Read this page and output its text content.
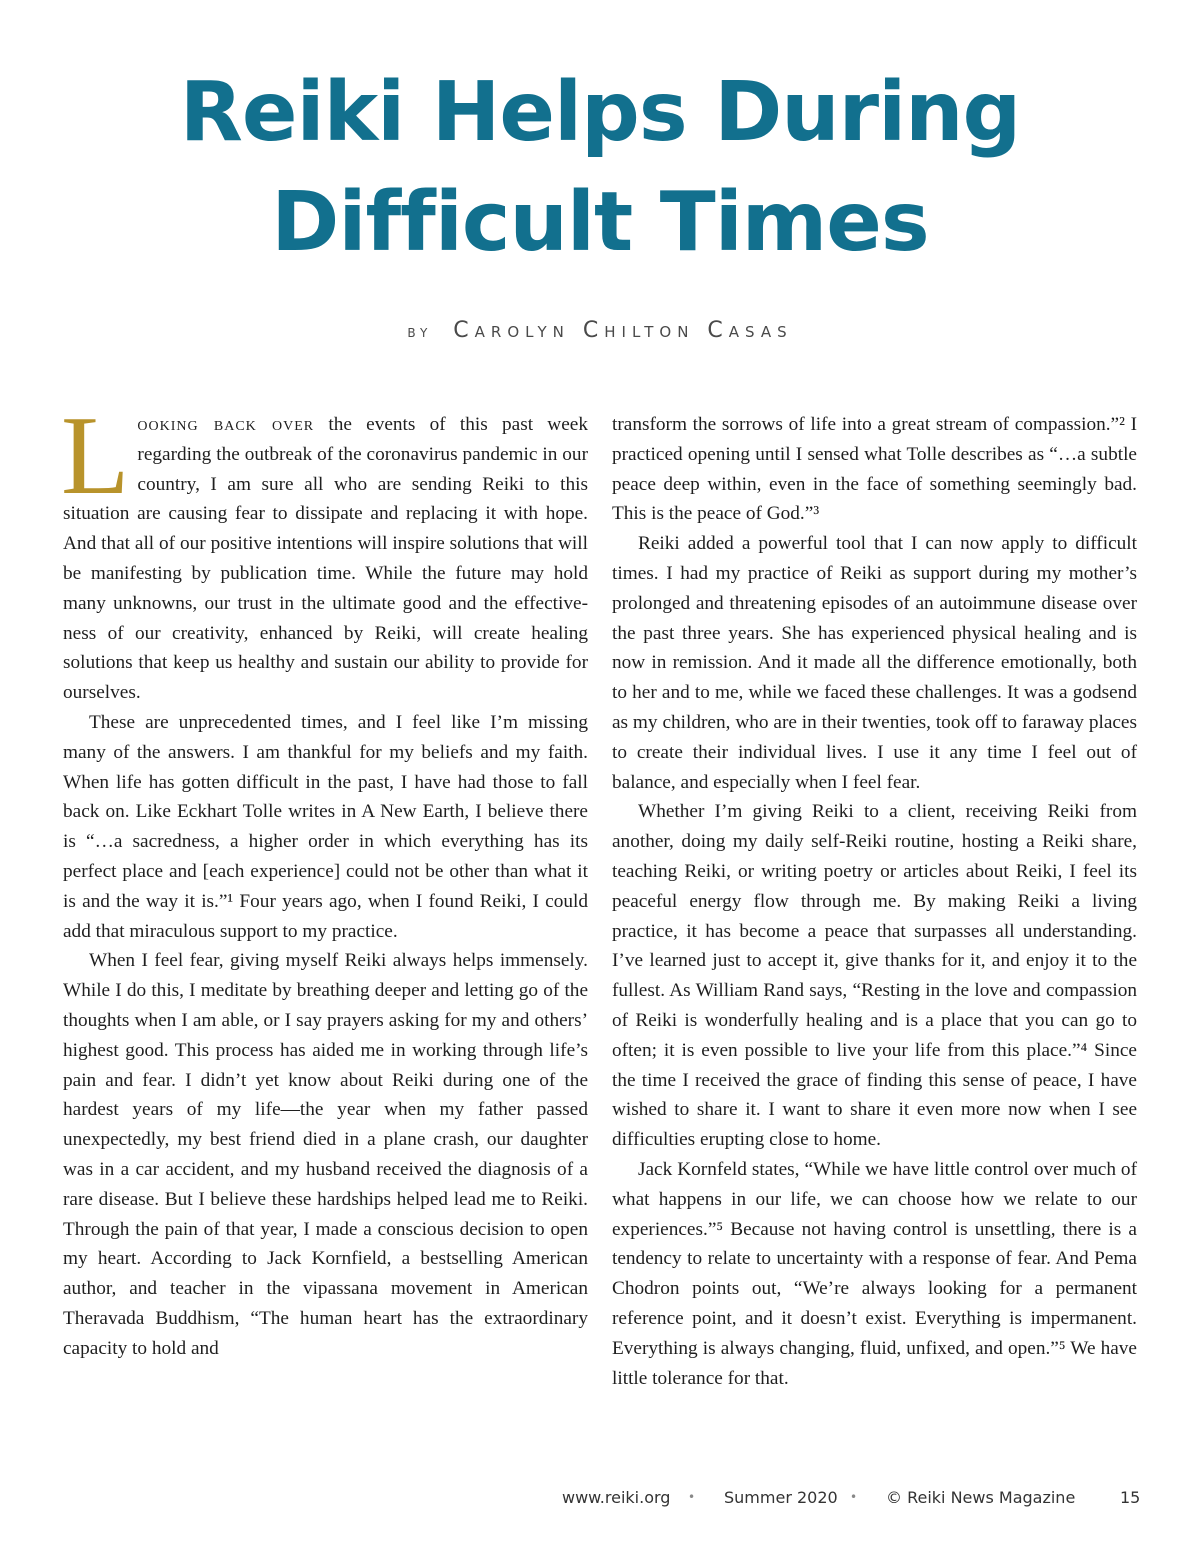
Reiki Helps During
Difficult Times
by Carolyn Chilton Casas

Looking back over the events of this past week regarding the outbreak of the coronavirus pandemic in our country, I am sure all who are sending Reiki to this situation are causing fear to dissipate and replacing it with hope. And that all of our positive intentions will inspire solutions that will be manifesting by publication time. While the future may hold many unknowns, our trust in the ultimate good and the effectiveness of our creativity, enhanced by Reiki, will create healing solutions that keep us healthy and sustain our ability to provide for ourselves.

These are unprecedented times, and I feel like I’m missing many of the answers. I am thankful for my beliefs and my faith. When life has gotten difficult in the past, I have had those to fall back on. Like Eckhart Tolle writes in A New Earth, I believe there is “…a sacredness, a higher order in which everything has its perfect place and [each experience] could not be other than what it is and the way it is.”¹ Four years ago, when I found Reiki, I could add that miraculous support to my practice.

When I feel fear, giving myself Reiki always helps immensely. While I do this, I meditate by breathing deeper and letting go of the thoughts when I am able, or I say prayers asking for my and others’ highest good. This process has aided me in working through life’s pain and fear. I didn’t yet know about Reiki during one of the hardest years of my life—the year when my father passed unexpectedly, my best friend died in a plane crash, our daughter was in a car accident, and my husband received the diagnosis of a rare disease. But I believe these hardships helped lead me to Reiki. Through the pain of that year, I made a conscious decision to open my heart. According to Jack Kornfield, a bestselling American author, and teacher in the vipassana movement in American Theravada Buddhism, “The human heart has the extraordinary capacity to hold and

transform the sorrows of life into a great stream of compassion.”² I practiced opening until I sensed what Tolle describes as “…a subtle peace deep within, even in the face of something seemingly bad. This is the peace of God.”³

Reiki added a powerful tool that I can now apply to difficult times. I had my practice of Reiki as support during my mother’s prolonged and threatening episodes of an autoimmune disease over the past three years. She has experienced physical healing and is now in remission. And it made all the difference emotionally, both to her and to me, while we faced these challenges. It was a godsend as my children, who are in their twenties, took off to faraway places to create their individual lives. I use it any time I feel out of balance, and especially when I feel fear.

Whether I’m giving Reiki to a client, receiving Reiki from another, doing my daily self-Reiki routine, hosting a Reiki share, teaching Reiki, or writing poetry or articles about Reiki, I feel its peaceful energy flow through me. By making Reiki a living practice, it has become a peace that surpasses all understanding. I’ve learned just to accept it, give thanks for it, and enjoy it to the fullest. As William Rand says, “Resting in the love and compassion of Reiki is wonderfully healing and is a place that you can go to often; it is even possible to live your life from this place.”⁴ Since the time I received the grace of finding this sense of peace, I have wished to share it. I want to share it even more now when I see difficulties erupting close to home.

Jack Kornfeld states, “While we have little control over much of what happens in our life, we can choose how we relate to our experiences.”⁵ Because not having control is unsettling, there is a tendency to relate to uncertainty with a response of fear. And Pema Chodron points out, “We’re always looking for a permanent reference point, and it doesn’t exist. Everything is impermanent. Everything is always changing, fluid, unfixed, and open.”⁵ We have little tolerance for that.

www.reiki.org • Summer 2020 • © Reiki News Magazine	15
